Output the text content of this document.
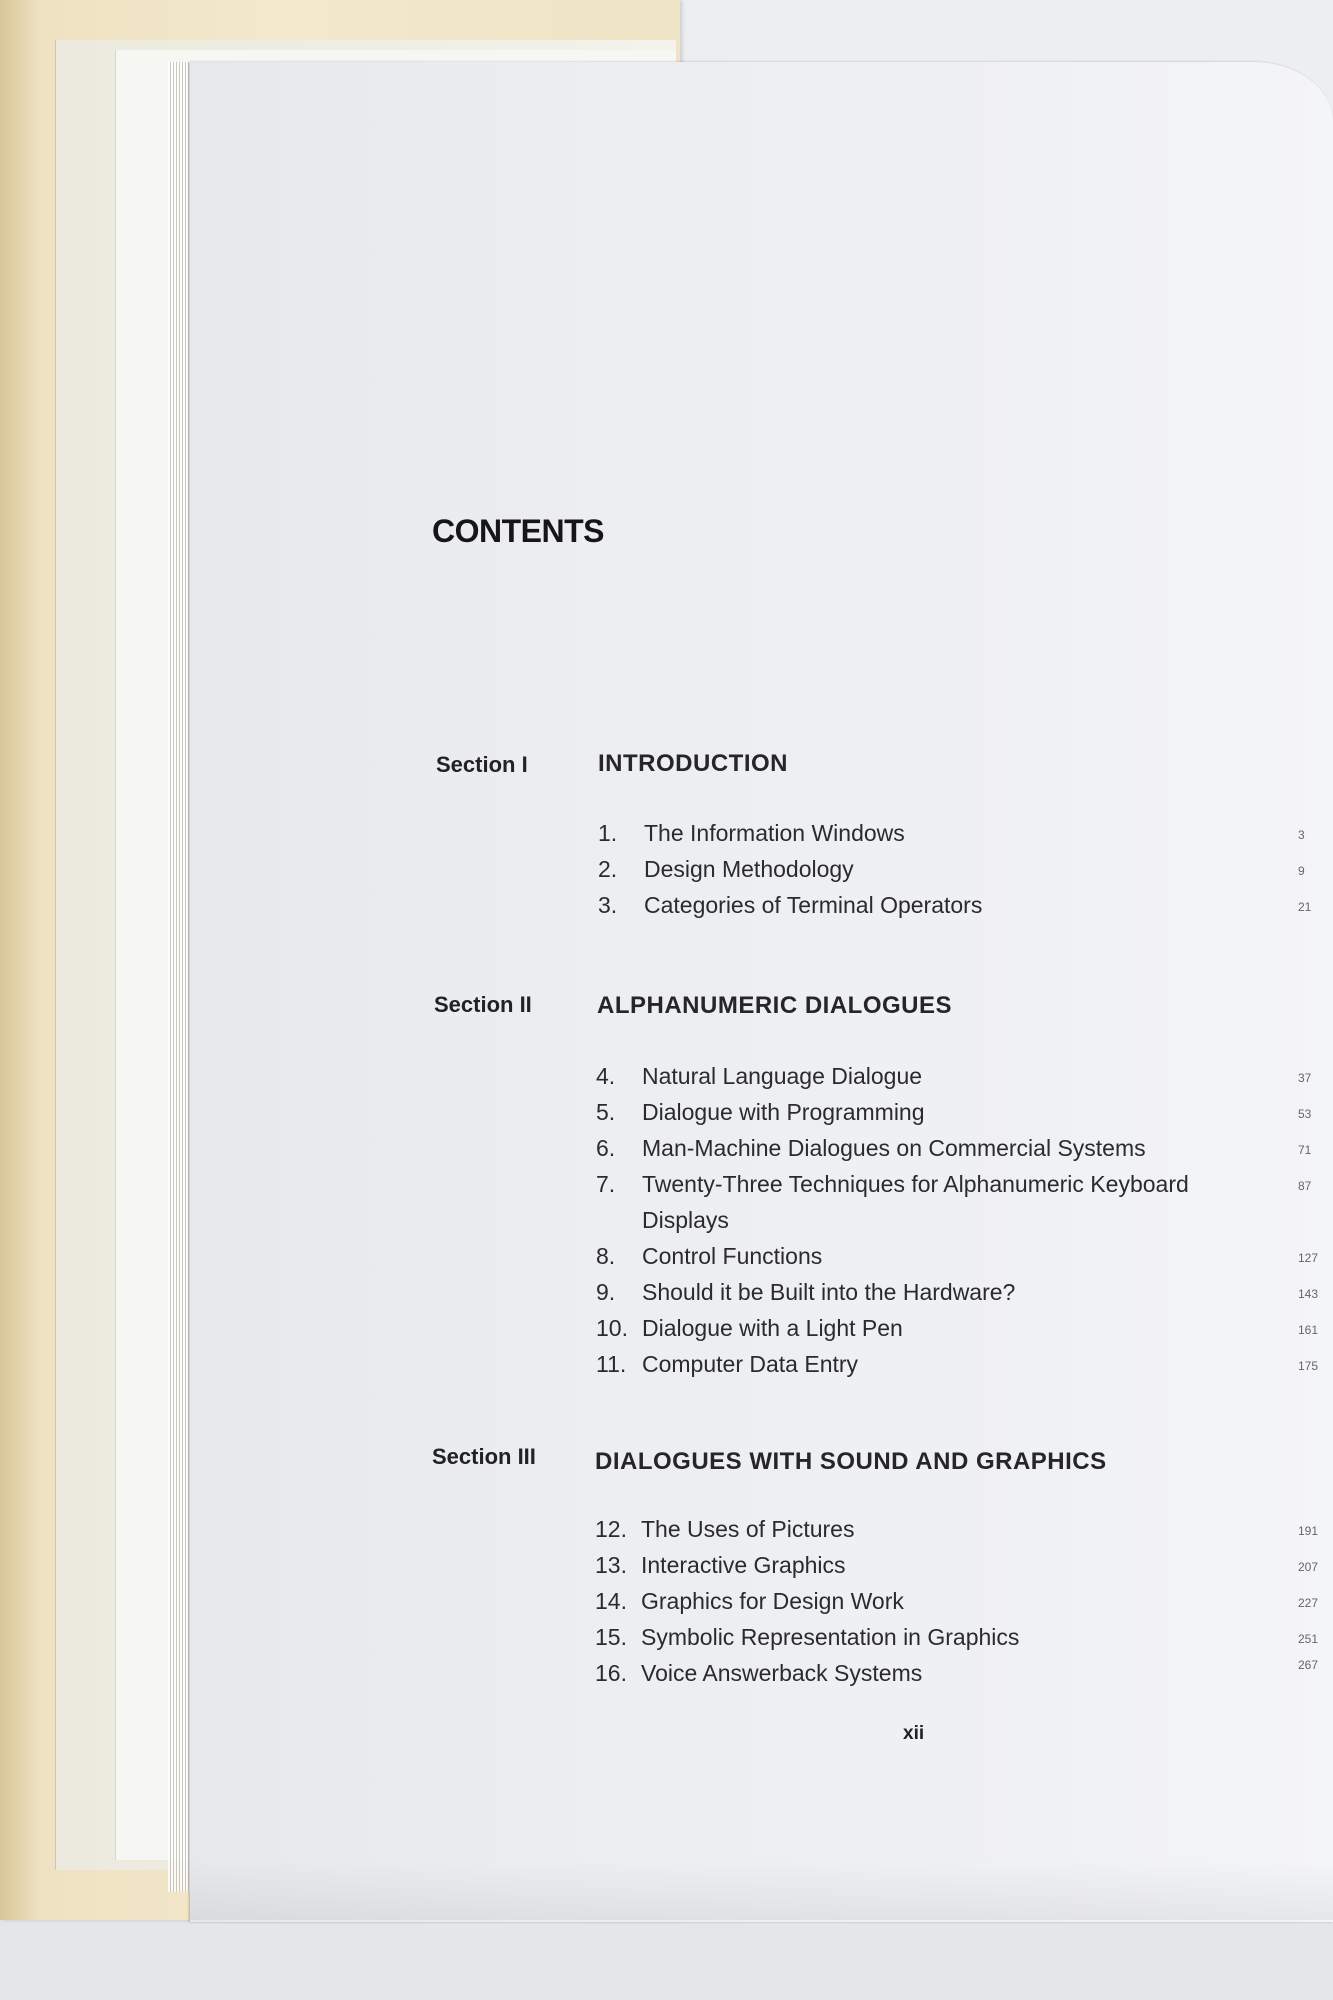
CONTENTS
Section I	INTRODUCTION
1. The Information Windows
2. Design Methodology
3. Categories of Terminal Operators
Section II	ALPHANUMERIC DIALOGUES
4. Natural Language Dialogue
5. Dialogue with Programming
6. Man-Machine Dialogues on Commercial Systems
7. Twenty-Three Techniques for Alphanumeric Keyboard
Displays
8. Control Functions
9. Should it be Built into the Hardware?
10. Dialogue with a Light Pen
11. Computer Data Entry
Section III DIALOGUES WITH SOUND AND GRAPHICS
12. The Uses of Pictures
13. Interactive Graphics
14. Graphics for Design Work
15. Symbolic Representation in Graphics
16. Voice Answerback Systems
3
9
21
37
53
71
87
127
143
161
175
191
207
227
251
267
xii
